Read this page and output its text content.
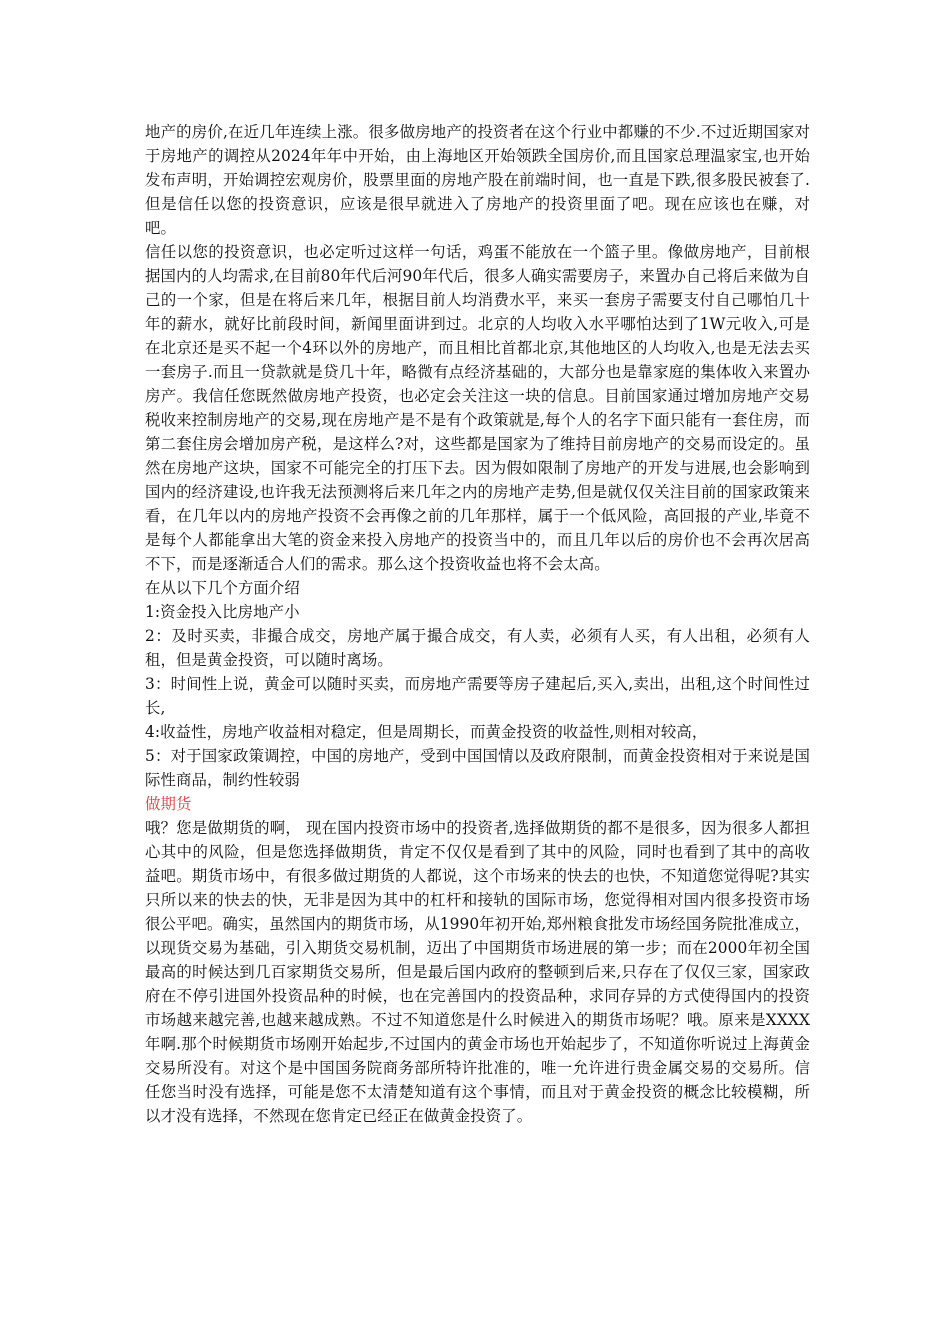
地产的房价,在近几年连续上涨。很多做房地产的投资者在这个行业中都赚的不少.不过近期国家对于房地产的调控从2024年年中开始，由上海地区开始领跌全国房价,而且国家总理温家宝,也开始发布声明，开始调控宏观房价，股票里面的房地产股在前端时间，也一直是下跌,很多股民被套了.但是信任以您的投资意识，应该是很早就进入了房地产的投资里面了吧。现在应该也在赚，对吧。

信任以您的投资意识，也必定听过这样一句话，鸡蛋不能放在一个篮子里。像做房地产，目前根据国内的人均需求,在目前80年代后河90年代后，很多人确实需要房子，来置办自己将后来做为自己的一个家，但是在将后来几年，根据目前人均消费水平，来买一套房子需要支付自己哪怕几十年的薪水，就好比前段时间，新闻里面讲到过。北京的人均收入水平哪怕达到了1W元收入,可是在北京还是买不起一个4环以外的房地产，而且相比首都北京,其他地区的人均收入,也是无法去买一套房子.而且一贷款就是贷几十年，略微有点经济基础的，大部分也是靠家庭的集体收入来置办房产。我信任您既然做房地产投资，也必定会关注这一块的信息。目前国家通过增加房地产交易税收来控制房地产的交易,现在房地产是不是有个政策就是,每个人的名字下面只能有一套住房，而第二套住房会增加房产税，是这样么?对，这些都是国家为了维持目前房地产的交易而设定的。虽然在房地产这块，国家不可能完全的打压下去。因为假如限制了房地产的开发与进展,也会影响到国内的经济建设,也许我无法预测将后来几年之内的房地产走势,但是就仅仅关注目前的国家政策来看，在几年以内的房地产投资不会再像之前的几年那样，属于一个低风险，高回报的产业,毕竟不是每个人都能拿出大笔的资金来投入房地产的投资当中的，而且几年以后的房价也不会再次居高不下，而是逐渐适合人们的需求。那么这个投资收益也将不会太高。

在从以下几个方面介绍

1:资金投入比房地产小

2：及时买卖，非撮合成交，房地产属于撮合成交，有人卖，必须有人买，有人出租，必须有人租，但是黄金投资，可以随时离场。

3：时间性上说，黄金可以随时买卖，而房地产需要等房子建起后,买入,卖出，出租,这个时间性过长,

4:收益性，房地产收益相对稳定，但是周期长，而黄金投资的收益性,则相对较高，

5：对于国家政策调控，中国的房地产，受到中国国情以及政府限制，而黄金投资相对于来说是国际性商品，制约性较弱

做期货

哦？您是做期货的啊， 现在国内投资市场中的投资者,选择做期货的都不是很多，因为很多人都担心其中的风险，但是您选择做期货，肯定不仅仅是看到了其中的风险，同时也看到了其中的高收益吧。期货市场中，有很多做过期货的人都说，这个市场来的快去的也快，不知道您觉得呢?其实只所以来的快去的快，无非是因为其中的杠杆和接轨的国际市场，您觉得相对国内很多投资市场很公平吧。确实，虽然国内的期货市场，从1990年初开始,郑州粮食批发市场经国务院批准成立，以现货交易为基础，引入期货交易机制，迈出了中国期货市场进展的第一步；而在2000年初全国最高的时候达到几百家期货交易所，但是最后国内政府的整顿到后来,只存在了仅仅三家，国家政府在不停引进国外投资品种的时候，也在完善国内的投资品种，求同存异的方式使得国内的投资市场越来越完善,也越来越成熟。不过不知道您是什么时候进入的期货市场呢？哦。原来是XXXX年啊.那个时候期货市场刚开始起步,不过国内的黄金市场也开始起步了，不知道你听说过上海黄金交易所没有。对这个是中国国务院商务部所特许批准的，唯一允许进行贵金属交易的交易所。信任您当时没有选择，可能是您不太清楚知道有这个事情，而且对于黄金投资的概念比较模糊，所以才没有选择，不然现在您肯定已经正在做黄金投资了。
